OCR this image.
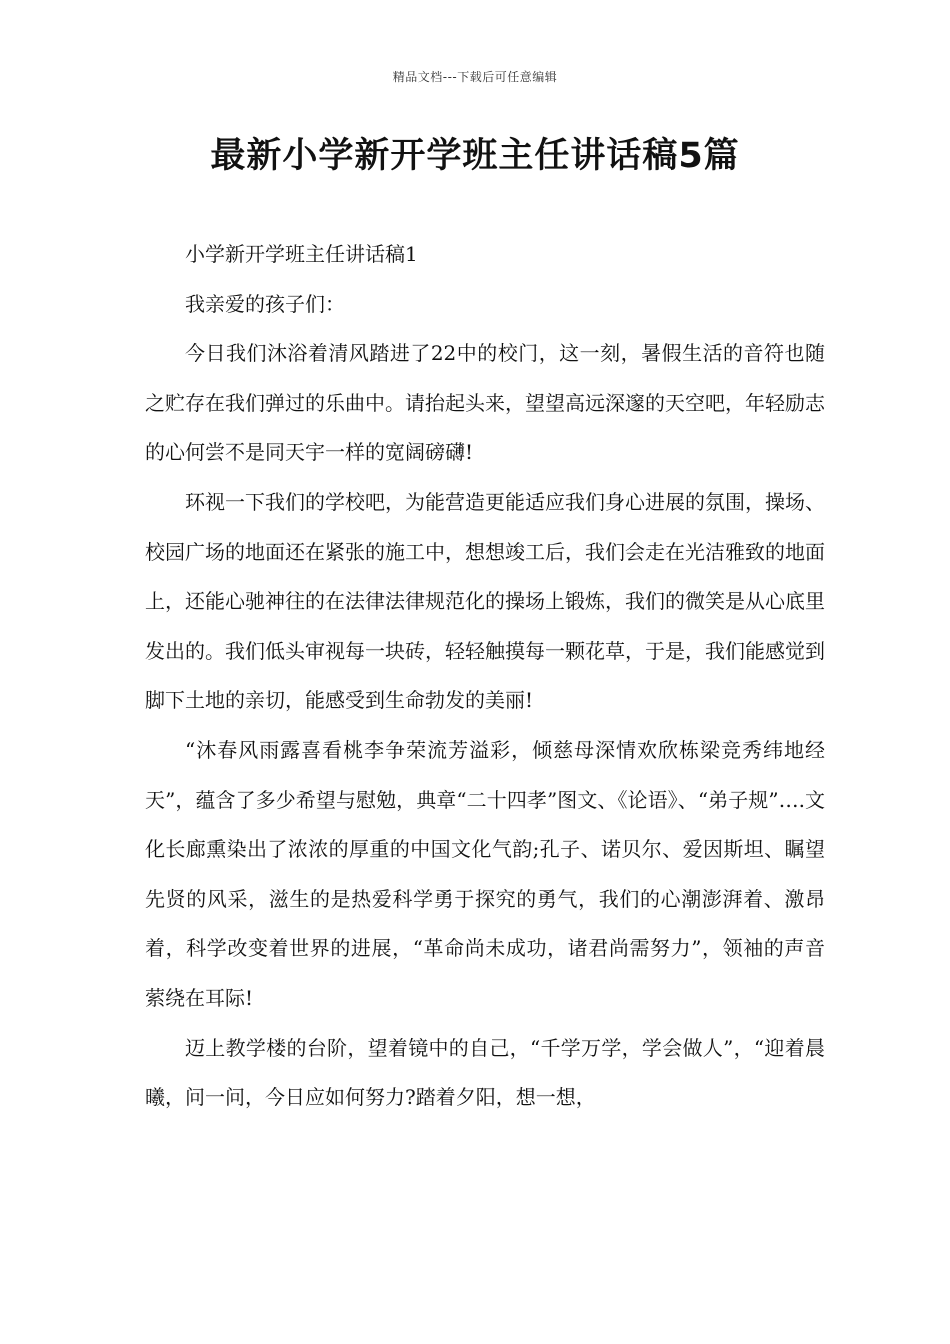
精品文档---下载后可任意编辑
最新小学新开学班主任讲话稿5篇

小学新开学班主任讲话稿1

我亲爱的孩子们：

今日我们沐浴着清风踏进了22中的校门，这一刻，暑假生活的音符也随之贮存在我们弹过的乐曲中。请抬起头来，望望高远深邃的天空吧，年轻励志的心何尝不是同天宇一样的宽阔磅礴!

环视一下我们的学校吧，为能营造更能适应我们身心进展的氛围，操场、校园广场的地面还在紧张的施工中，想想竣工后，我们会走在光洁雅致的地面上，还能心驰神往的在法律法律规范化的操场上锻炼，我们的微笑是从心底里发出的。我们低头审视每一块砖，轻轻触摸每一颗花草，于是，我们能感觉到脚下土地的亲切，能感受到生命勃发的美丽!

“沐春风雨露喜看桃李争荣流芳溢彩，倾慈母深情欢欣栋梁竞秀纬地经天”，蕴含了多少希望与慰勉，典章“二十四孝”图文、《论语》、“弟子规”….文化长廊熏染出了浓浓的厚重的中国文化气韵;孔子、诺贝尔、爱因斯坦、瞩望先贤的风采，滋生的是热爱科学勇于探究的勇气，我们的心潮澎湃着、激昂着，科学改变着世界的进展，“革命尚未成功，诸君尚需努力”，领袖的声音萦绕在耳际!

迈上教学楼的台阶，望着镜中的自己，“千学万学，学会做人”，“迎着晨曦，问一问，今日应如何努力?踏着夕阳，想一想，
